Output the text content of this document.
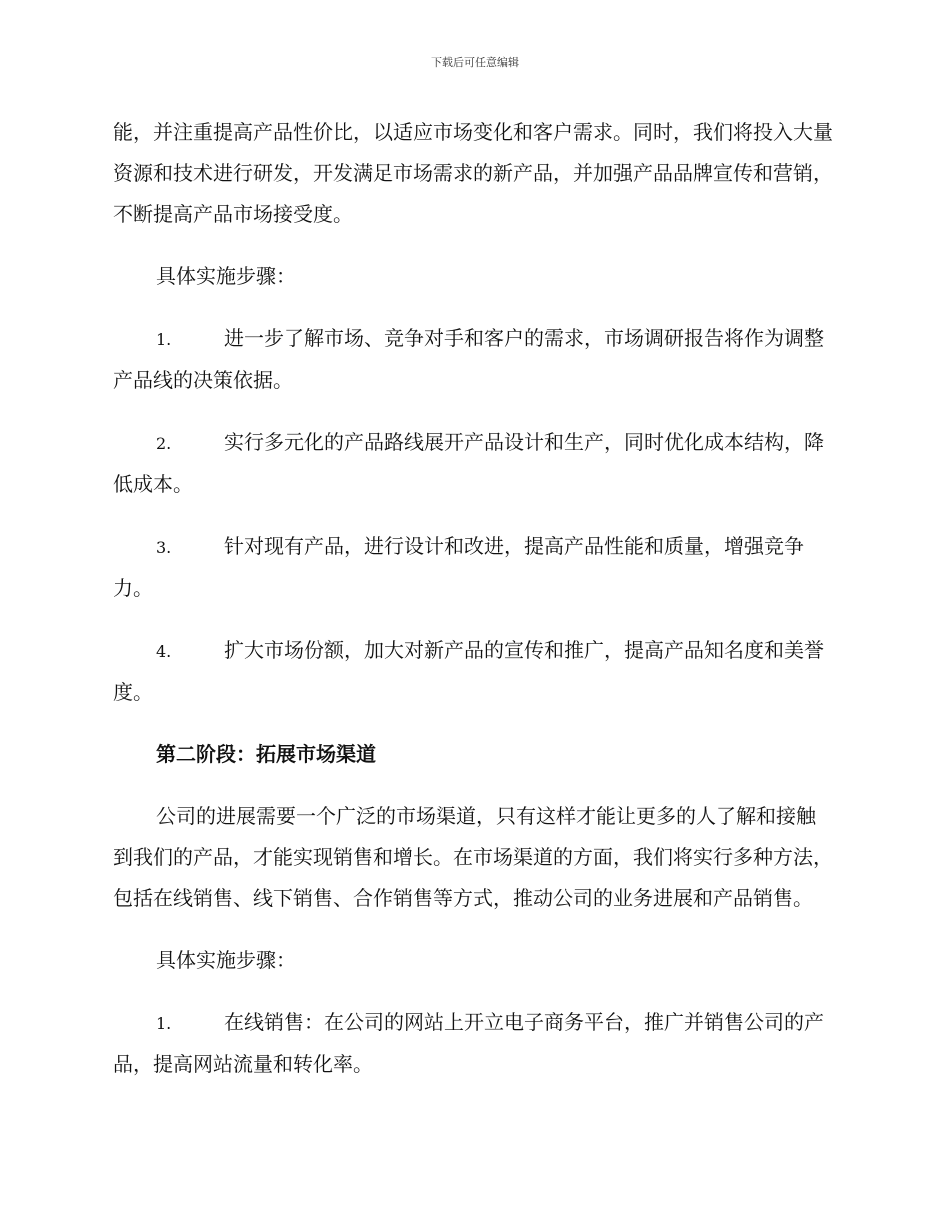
下载后可任意编辑

能，并注重提高产品性价比，以适应市场变化和客户需求。同时，我们将投入大量资源和技术进行研发，开发满足市场需求的新产品，并加强产品品牌宣传和营销，不断提高产品市场接受度。

具体实施步骤：

1.	进一步了解市场、竞争对手和客户的需求，市场调研报告将作为调整产品线的决策依据。

2.	实行多元化的产品路线展开产品设计和生产，同时优化成本结构，降低成本。

3.	针对现有产品，进行设计和改进，提高产品性能和质量，增强竞争力。

4.	扩大市场份额，加大对新产品的宣传和推广，提高产品知名度和美誉度。

第二阶段：拓展市场渠道

公司的进展需要一个广泛的市场渠道，只有这样才能让更多的人了解和接触到我们的产品，才能实现销售和增长。在市场渠道的方面，我们将实行多种方法，包括在线销售、线下销售、合作销售等方式，推动公司的业务进展和产品销售。

具体实施步骤：

1.	在线销售：在公司的网站上开立电子商务平台，推广并销售公司的产品，提高网站流量和转化率。
